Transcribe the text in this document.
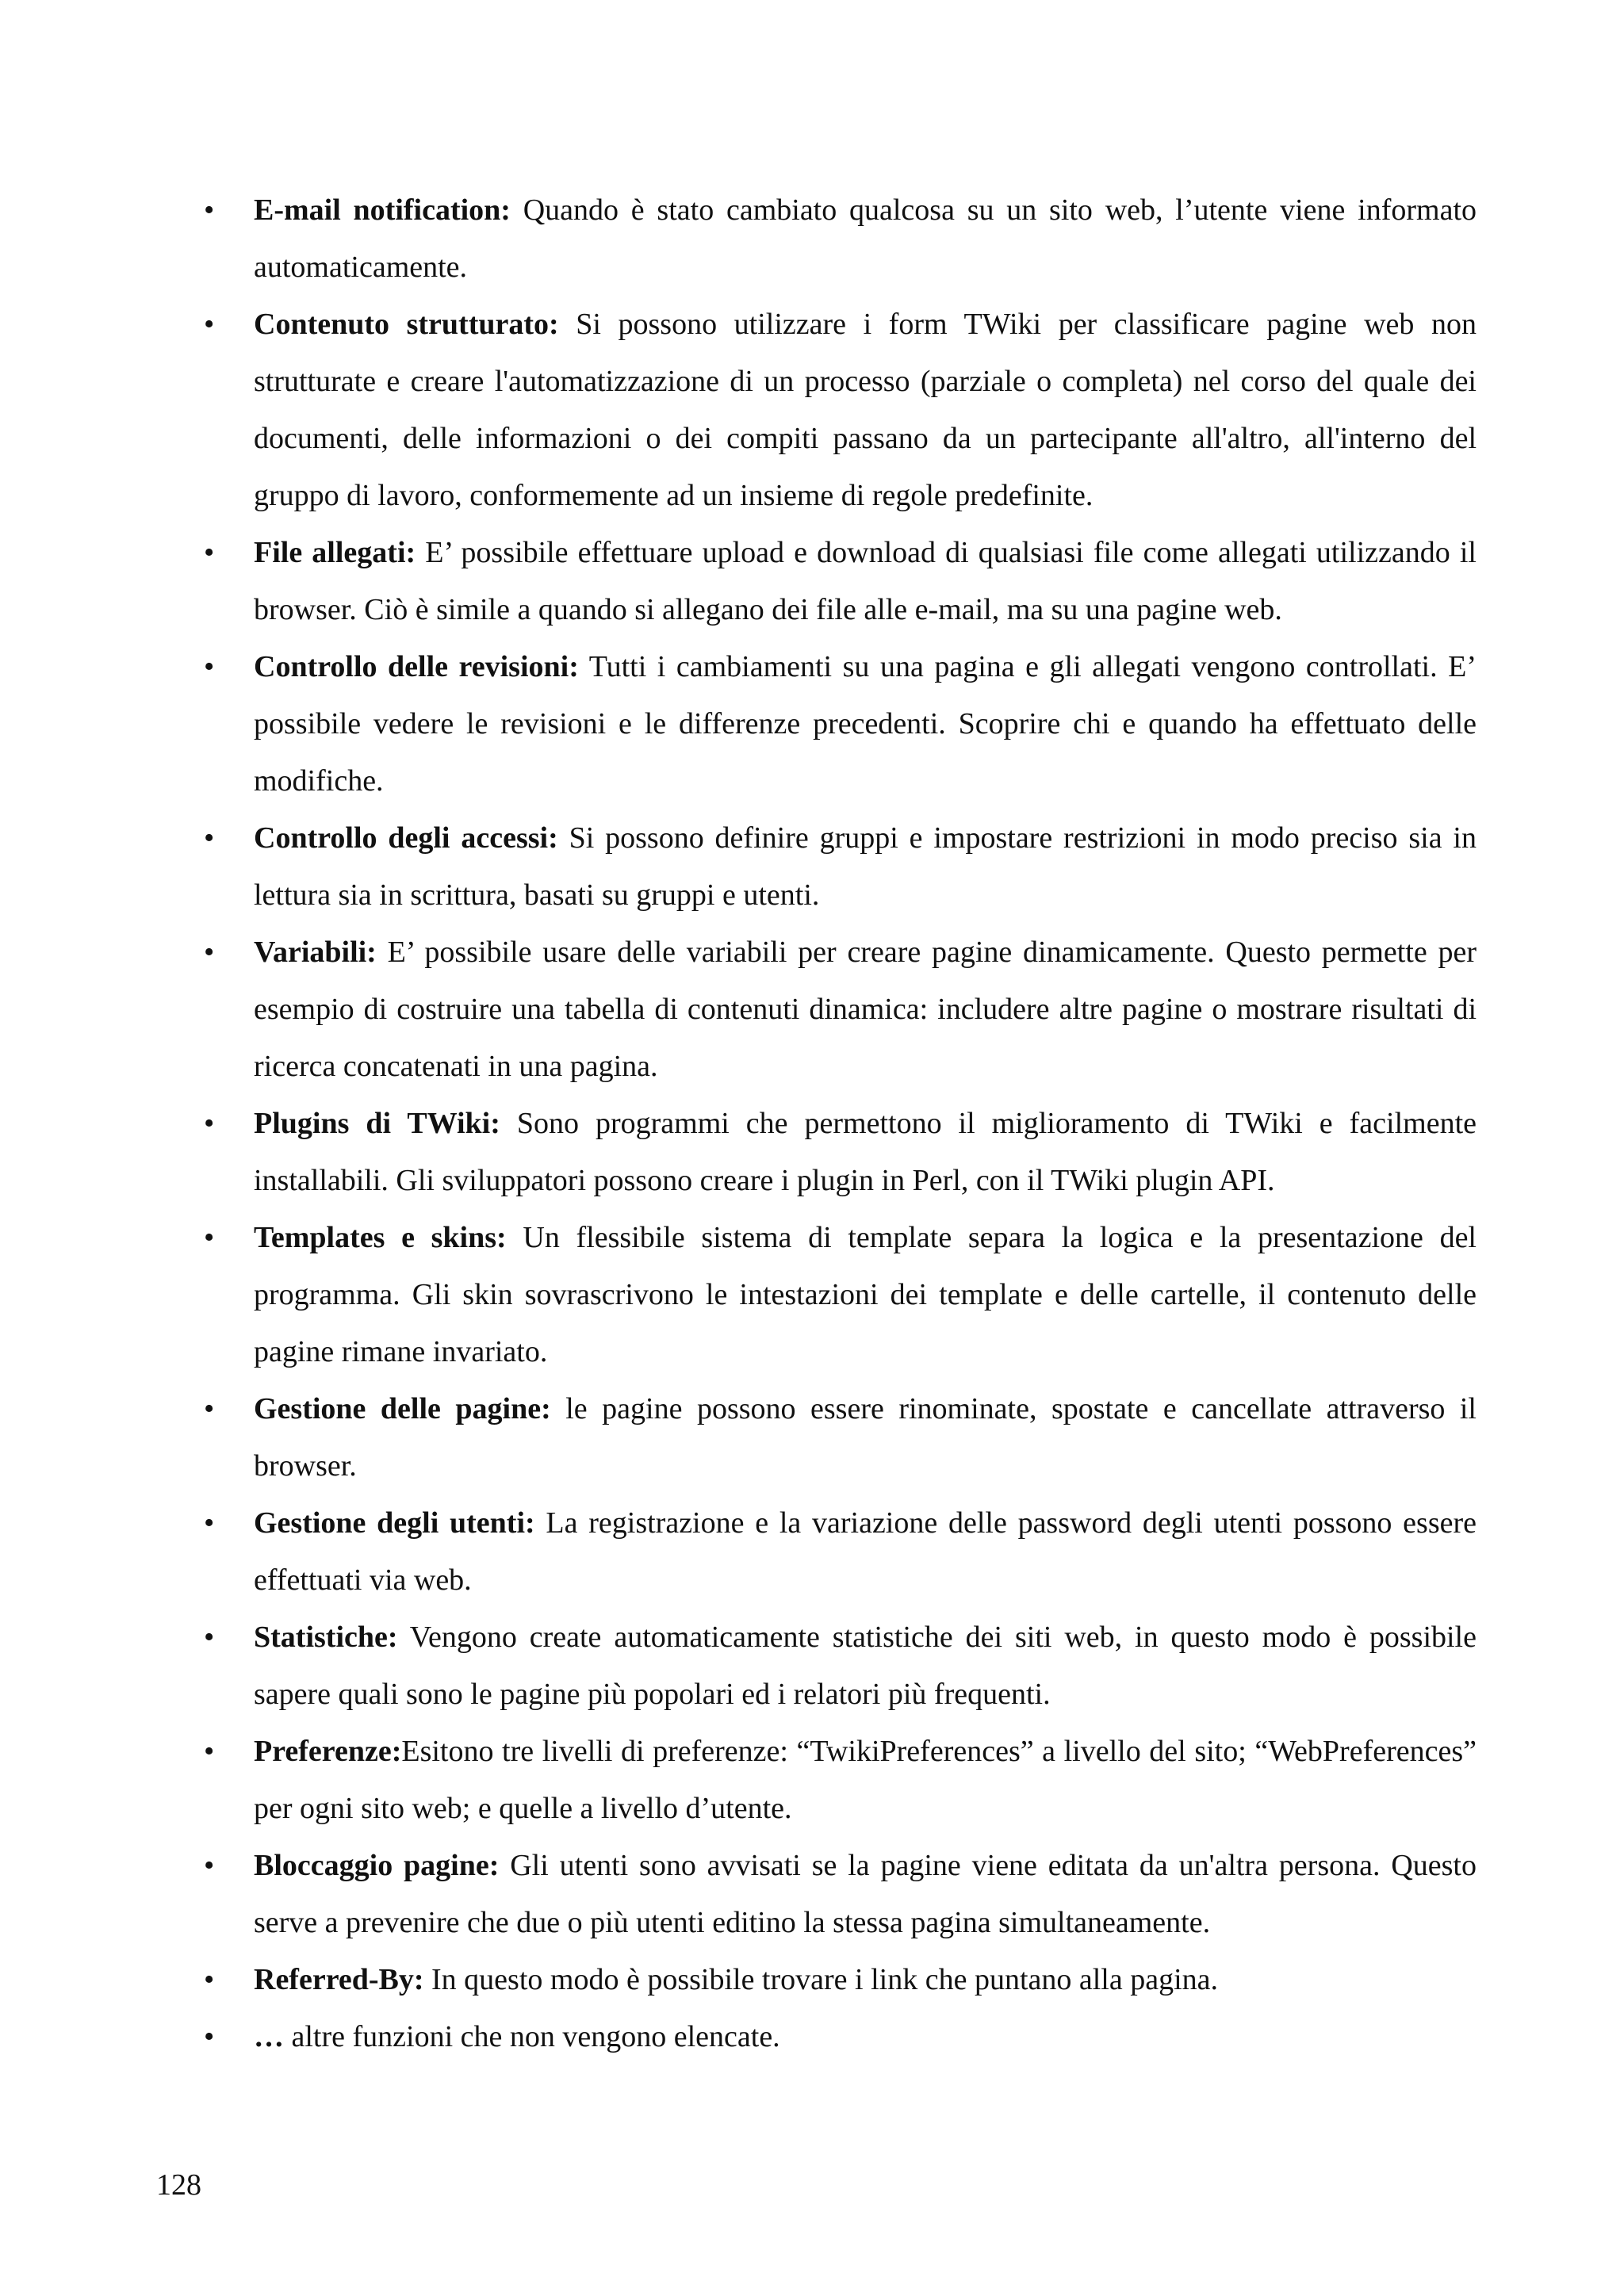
• E-mail notification: Quando è stato cambiato qualcosa su un sito web, l’utente viene informato automaticamente.
• Contenuto strutturato: Si possono utilizzare i form TWiki per classificare pagine web non strutturate e creare l'automatizzazione di un processo (parziale o completa) nel corso del quale dei documenti, delle informazioni o dei compiti passano da un partecipante all'altro, all'interno del gruppo di lavoro, conformemente ad un insieme di regole predefinite.
• File allegati: E’ possibile effettuare upload e download di qualsiasi file come allegati utilizzando il browser. Ciò è simile a quando si allegano dei file alle e-mail, ma su una pagine web.
• Controllo delle revisioni: Tutti i cambiamenti su una pagina e gli allegati vengono controllati. E’ possibile vedere le revisioni e le differenze precedenti. Scoprire chi e quando ha effettuato delle modifiche.
• Controllo degli accessi: Si possono definire gruppi e impostare restrizioni in modo preciso sia in lettura sia in scrittura, basati su gruppi e utenti.
• Variabili: E’ possibile usare delle variabili per creare pagine dinamicamente. Questo permette per esempio di costruire una tabella di contenuti dinamica: includere altre pagine o mostrare risultati di ricerca concatenati in una pagina.
• Plugins di TWiki: Sono programmi che permettono il miglioramento di TWiki e facilmente installabili. Gli sviluppatori possono creare i plugin in Perl, con il TWiki plugin API.
• Templates e skins: Un flessibile sistema di template separa la logica e la presentazione del programma. Gli skin sovrascrivono le intestazioni dei template e delle cartelle, il contenuto delle pagine rimane invariato.
• Gestione delle pagine: le pagine possono essere rinominate, spostate e cancellate attraverso il browser.
• Gestione degli utenti: La registrazione e la variazione delle password degli utenti possono essere effettuati via web.
• Statistiche: Vengono create automaticamente statistiche dei siti web, in questo modo è possibile sapere quali sono le pagine più popolari ed i relatori più frequenti.
• Preferenze:Esitono tre livelli di preferenze: “TwikiPreferences” a livello del sito; “WebPreferences” per ogni sito web; e quelle a livello d’utente.
• Bloccaggio pagine: Gli utenti sono avvisati se la pagine viene editata da un'altra persona. Questo serve a prevenire che due o più utenti editino la stessa pagina simultaneamente.
• Referred-By: In questo modo è possibile trovare i link che puntano alla pagina.
• … altre funzioni che non vengono elencate.
128
